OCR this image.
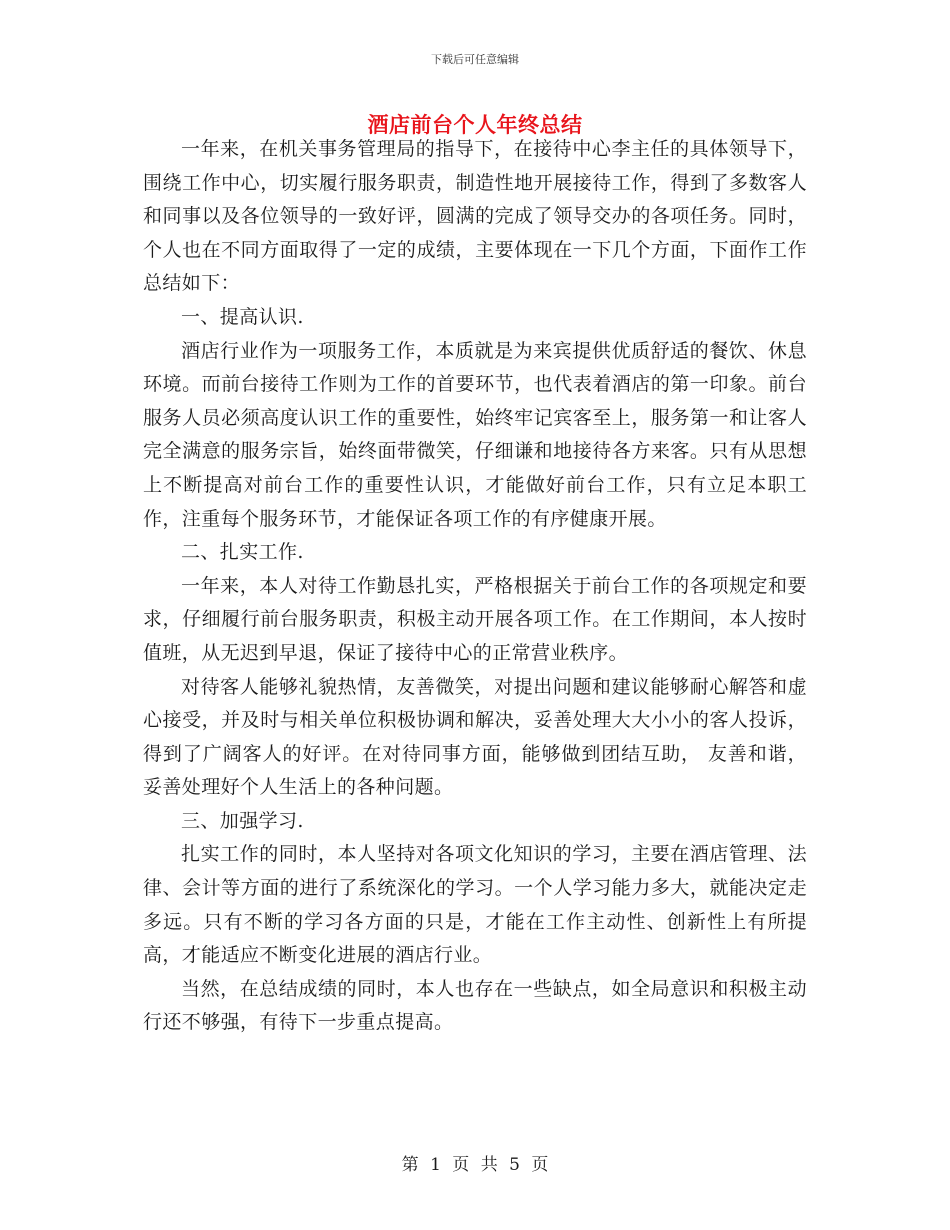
下载后可任意编辑
酒店前台个人年终总结

一年来，在机关事务管理局的指导下，在接待中心李主任的具体领导下，围绕工作中心，切实履行服务职责，制造性地开展接待工作，得到了多数客人和同事以及各位领导的一致好评，圆满的完成了领导交办的各项任务。同时，个人也在不同方面取得了一定的成绩，主要体现在一下几个方面，下面作工作总结如下：

一、提高认识.

酒店行业作为一项服务工作，本质就是为来宾提供优质舒适的餐饮、休息环境。而前台接待工作则为工作的首要环节，也代表着酒店的第一印象。前台服务人员必须高度认识工作的重要性，始终牢记宾客至上，服务第一和让客人完全满意的服务宗旨，始终面带微笑，仔细谦和地接待各方来客。只有从思想上不断提高对前台工作的重要性认识，才能做好前台工作，只有立足本职工作，注重每个服务环节，才能保证各项工作的有序健康开展。

二、扎实工作.

一年来，本人对待工作勤恳扎实，严格根据关于前台工作的各项规定和要求，仔细履行前台服务职责，积极主动开展各项工作。在工作期间，本人按时值班，从无迟到早退，保证了接待中心的正常营业秩序。

对待客人能够礼貌热情，友善微笑，对提出问题和建议能够耐心解答和虚心接受，并及时与相关单位积极协调和解决，妥善处理大大小小的客人投诉，得到了广阔客人的好评。在对待同事方面，能够做到团结互助， 友善和谐，妥善处理好个人生活上的各种问题。

三、加强学习.

扎实工作的同时，本人坚持对各项文化知识的学习，主要在酒店管理、法律、会计等方面的进行了系统深化的学习。一个人学习能力多大，就能决定走多远。只有不断的学习各方面的只是，才能在工作主动性、创新性上有所提高，才能适应不断变化进展的酒店行业。

当然，在总结成绩的同时，本人也存在一些缺点，如全局意识和积极主动行还不够强，有待下一步重点提高。

第 1 页 共 5 页
